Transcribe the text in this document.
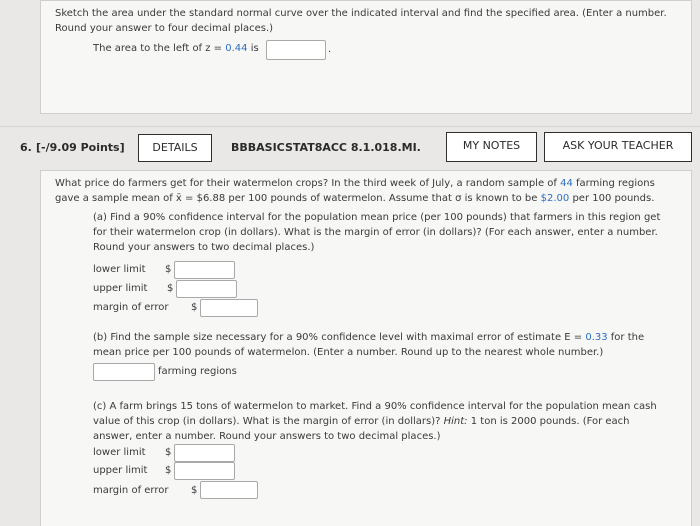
Sketch the area under the standard normal curve over the indicated interval and find the specified area. (Enter a number.
Round your answer to four decimal places.)
The area to the left of z = 0.44 is	.
6. [-/9.09 Points]	DETAILS	BBBASICSTAT8ACC 8.1.018.MI.	MY NOTES	ASK YOUR TEACHER
What price do farmers get for their watermelon crops? In the third week of July, a random sample of 44 farming regions
gave a sample mean of x̄ = $6.88 per 100 pounds of watermelon. Assume that σ is known to be $2.00 per 100 pounds.
(a) Find a 90% confidence interval for the population mean price (per 100 pounds) that farmers in this region get
for their watermelon crop (in dollars). What is the margin of error (in dollars)? (For each answer, enter a number.
Round your answers to two decimal places.)
lower limit $
upper limit $
margin of error $
(b) Find the sample size necessary for a 90% confidence level with maximal error of estimate E = 0.33 for the
mean price per 100 pounds of watermelon. (Enter a number. Round up to the nearest whole number.)
farming regions
(c) A farm brings 15 tons of watermelon to market. Find a 90% confidence interval for the population mean cash
value of this crop (in dollars). What is the margin of error (in dollars)? Hint: 1 ton is 2000 pounds. (For each
answer, enter a number. Round your answers to two decimal places.)
lower limit $
upper limit $
margin of error $
